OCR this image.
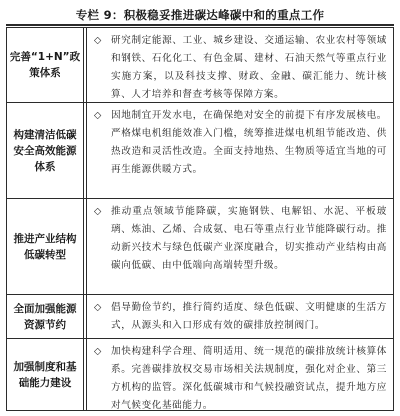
专栏 9：积极稳妥推进碳达峰碳中和的重点工作
完善“1+N”政策体系
◇ 研究制定能源、工业、城乡建设、交通运输、农业农村等领域和钢铁、石化化工、有色金属、建材、石油天然气等重点行业实施方案，以及科技支撑、财政、金融、碳汇能力、统计核算、人才培养和督查考核等保障方案。
构建清洁低碳安全高效能源体系
◇ 因地制宜开发水电，在确保绝对安全的前提下有序发展核电。严格煤电机组能效准入门槛，统筹推进煤电机组节能改造、供热改造和灵活性改造。全面支持地热、生物质等适宜当地的可再生能源供暖方式。
推进产业结构低碳转型
◇ 推动重点领域节能降碳，实施钢铁、电解铝、水泥、平板玻璃、炼油、乙烯、合成氨、电石等重点行业节能降碳行动。推动新兴技术与绿色低碳产业深度融合，切实推动产业结构由高碳向低碳、由中低端向高端转型升级。
全面加强能源资源节约
◇ 倡导勤俭节约，推行简约适度、绿色低碳、文明健康的生活方式，从源头和入口形成有效的碳排放控制阀门。
加强制度和基础能力建设
◇ 加快构建科学合理、简明适用、统一规范的碳排放统计核算体系。完善碳排放权交易市场相关法规制度，强化对企业、第三方机构的监管。深化低碳城市和气候投融资试点，提升地方应对气候变化基础能力。
